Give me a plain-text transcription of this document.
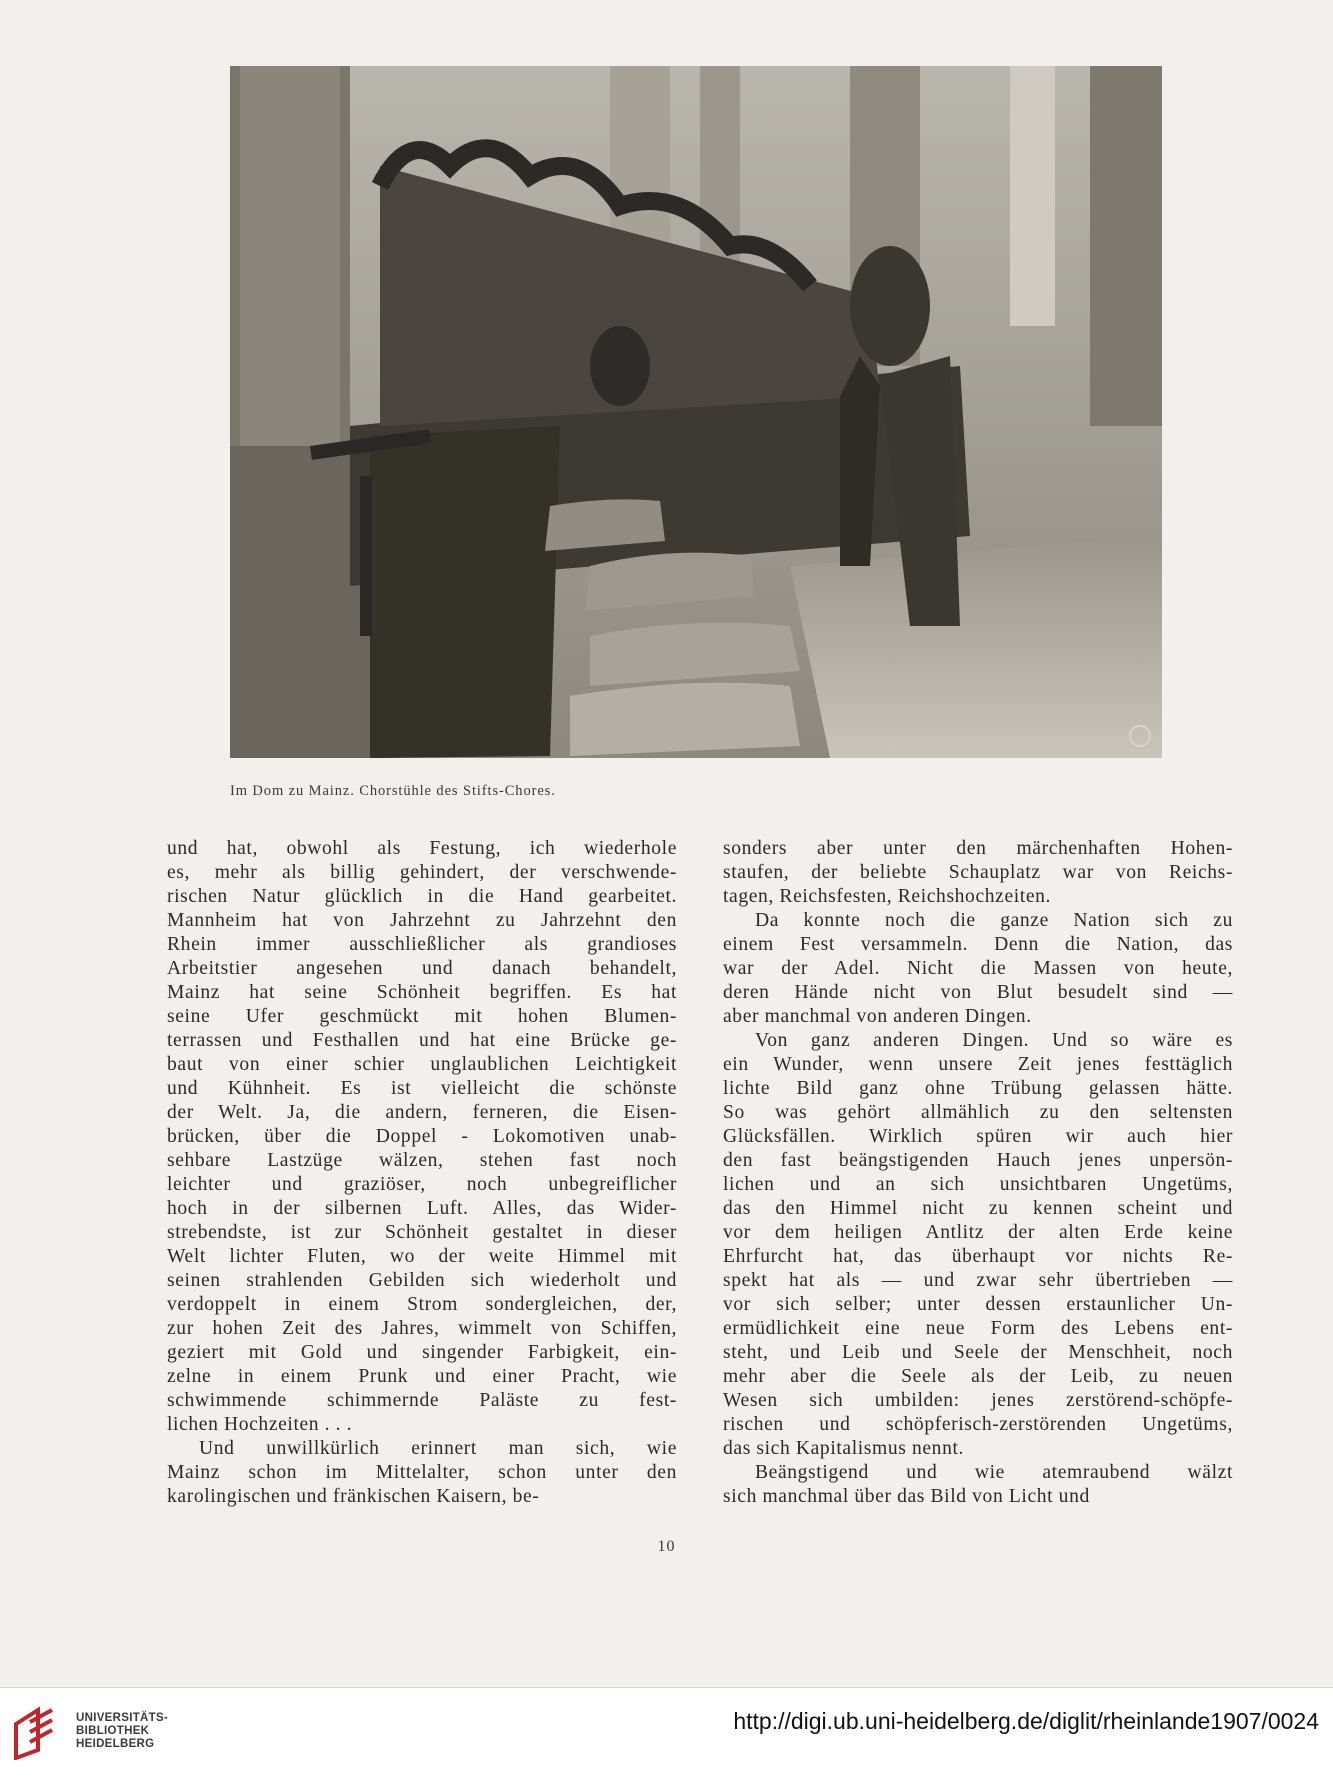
Im Dom zu Mainz. Chorstühle des Stifts-Chores.
und hat, obwohl als Festung, ich wiederhole
es, mehr als billig gehindert, der verschwende-
rischen Natur glücklich in die Hand gearbeitet.
Mannheim hat von Jahrzehnt zu Jahrzehnt den
Rhein immer ausschließlicher als grandioses
Arbeitstier angesehen und danach behandelt,
Mainz hat seine Schönheit begriffen. Es hat
seine Ufer geschmückt mit hohen Blumen-
terrassen und Festhallen und hat eine Brücke ge-
baut von einer schier unglaublichen Leichtigkeit
und Kühnheit. Es ist vielleicht die schönste
der Welt. Ja, die andern, ferneren, die Eisen-
brücken, über die Doppel - Lokomotiven unab-
sehbare Lastzüge wälzen, stehen fast noch
leichter und graziöser, noch unbegreiflicher
hoch in der silbernen Luft. Alles, das Wider-
strebendste, ist zur Schönheit gestaltet in dieser
Welt lichter Fluten, wo der weite Himmel mit
seinen strahlenden Gebilden sich wiederholt und
verdoppelt in einem Strom sondergleichen, der,
zur hohen Zeit des Jahres, wimmelt von Schiffen,
geziert mit Gold und singender Farbigkeit, ein-
zelne in einem Prunk und einer Pracht, wie
schwimmende schimmernde Paläste zu fest-
lichen Hochzeiten . . .
Und unwillkürlich erinnert man sich, wie
Mainz schon im Mittelalter, schon unter den
karolingischen und fränkischen Kaisern, be-
sonders aber unter den märchenhaften Hohen-
staufen, der beliebte Schauplatz war von Reichs-
tagen, Reichsfesten, Reichshochzeiten.
Da konnte noch die ganze Nation sich zu
einem Fest versammeln. Denn die Nation, das
war der Adel. Nicht die Massen von heute,
deren Hände nicht von Blut besudelt sind —
aber manchmal von anderen Dingen.
Von ganz anderen Dingen. Und so wäre es
ein Wunder, wenn unsere Zeit jenes festtäglich
lichte Bild ganz ohne Trübung gelassen hätte.
So was gehört allmählich zu den seltensten
Glücksfällen. Wirklich spüren wir auch hier
den fast beängstigenden Hauch jenes unpersön-
lichen und an sich unsichtbaren Ungetüms,
das den Himmel nicht zu kennen scheint und
vor dem heiligen Antlitz der alten Erde keine
Ehrfurcht hat, das überhaupt vor nichts Re-
spekt hat als — und zwar sehr übertrieben —
vor sich selber; unter dessen erstaunlicher Un-
ermüdlichkeit eine neue Form des Lebens ent-
steht, und Leib und Seele der Menschheit, noch
mehr aber die Seele als der Leib, zu neuen
Wesen sich umbilden: jenes zerstörend-schöpfe-
rischen und schöpferisch-zerstörenden Ungetüms,
das sich Kapitalismus nennt.
Beängstigend und wie atemraubend wälzt
sich manchmal über das Bild von Licht und
10
UNIVERSITÄTS-
BIBLIOTHEK
HEIDELBERG
http://digi.ub.uni-heidelberg.de/diglit/rheinlande1907/0024
